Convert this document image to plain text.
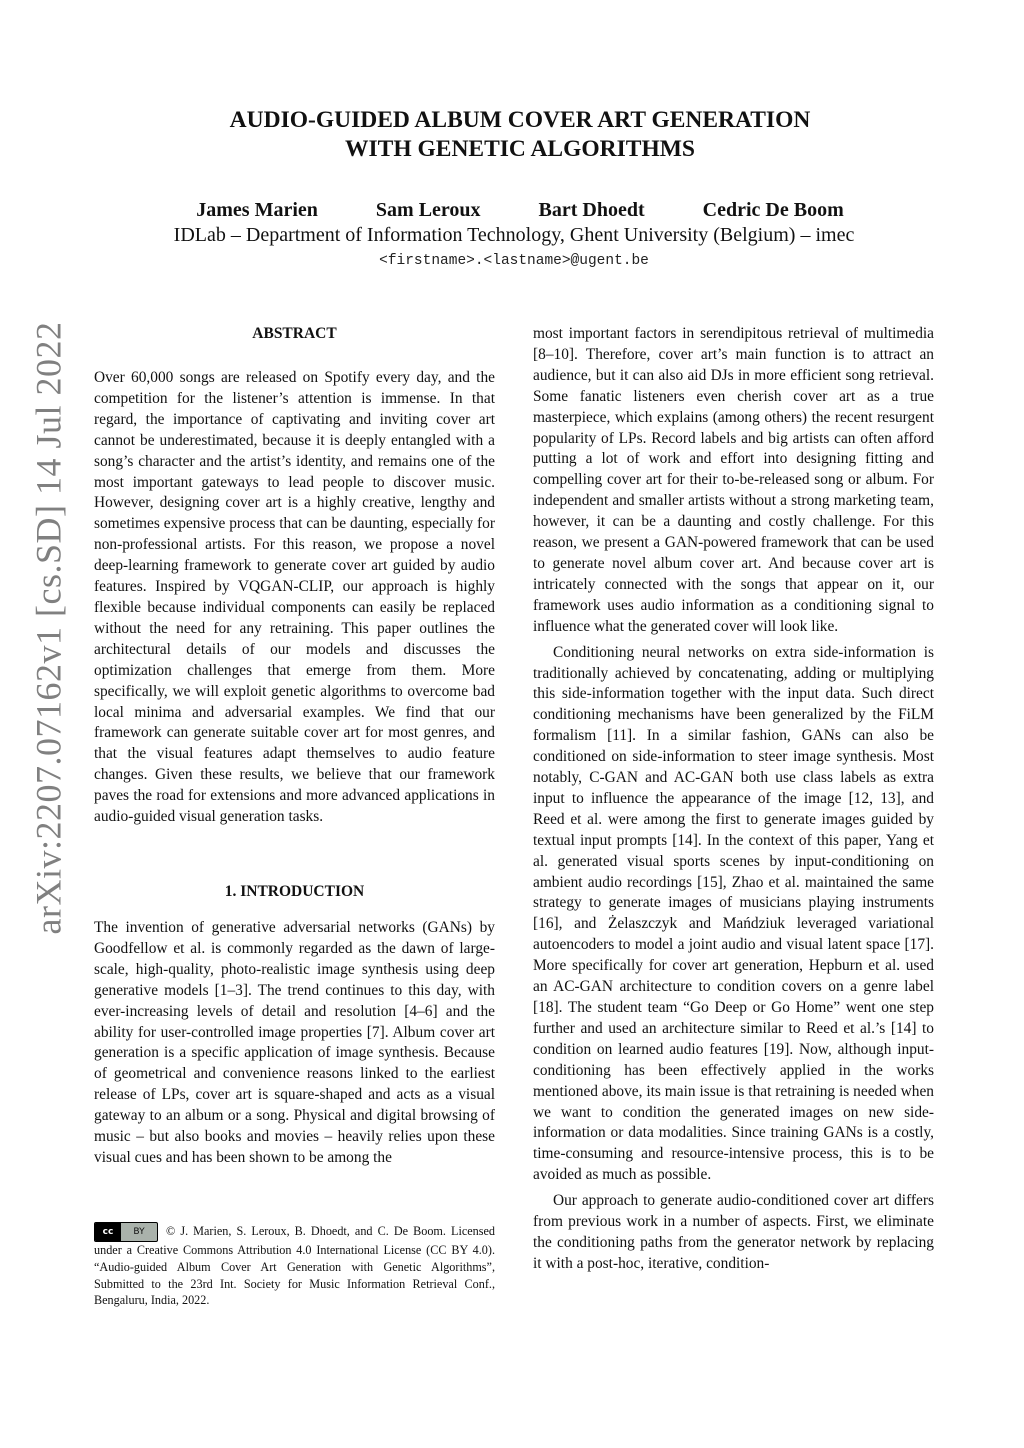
arXiv:2207.07162v1 [cs.SD] 14 Jul 2022
AUDIO-GUIDED ALBUM COVER ART GENERATION
WITH GENETIC ALGORITHMS
James Marien	Sam Leroux	Bart Dhoedt	Cedric De Boom
IDLab – Department of Information Technology, Ghent University (Belgium) – imec
<firstname>.<lastname>@ugent.be
ABSTRACT

Over 60,000 songs are released on Spotify every day, and the competition for the listener’s attention is immense. In that regard, the importance of captivating and inviting cover art cannot be underestimated, because it is deeply entangled with a song’s character and the artist’s identity, and remains one of the most important gateways to lead people to discover music. However, designing cover art is a highly creative, lengthy and sometimes expensive process that can be daunting, especially for non-professional artists. For this reason, we propose a novel deep-learning framework to generate cover art guided by audio features. Inspired by VQGAN-CLIP, our approach is highly flexible because individual components can easily be replaced without the need for any retraining. This paper outlines the architectural details of our models and discusses the optimization challenges that emerge from them. More specifically, we will exploit genetic algorithms to overcome bad local minima and adversarial examples. We find that our framework can generate suitable cover art for most genres, and that the visual features adapt themselves to audio feature changes. Given these results, we believe that our framework paves the road for extensions and more advanced applications in audio-guided visual generation tasks.

1. INTRODUCTION

The invention of generative adversarial networks (GANs) by Goodfellow et al. is commonly regarded as the dawn of large-scale, high-quality, photo-realistic image synthesis using deep generative models [1–3]. The trend continues to this day, with ever-increasing levels of detail and resolution [4–6] and the ability for user-controlled image properties [7]. Album cover art generation is a specific application of image synthesis. Because of geometrical and convenience reasons linked to the earliest release of LPs, cover art is square-shaped and acts as a visual gateway to an album or a song. Physical and digital browsing of music – but also books and movies – heavily relies upon these visual cues and has been shown to be among the

most important factors in serendipitous retrieval of multimedia [8–10]. Therefore, cover art’s main function is to attract an audience, but it can also aid DJs in more efficient song retrieval. Some fanatic listeners even cherish cover art as a true masterpiece, which explains (among others) the recent resurgent popularity of LPs. Record labels and big artists can often afford putting a lot of work and effort into designing fitting and compelling cover art for their to-be-released song or album. For independent and smaller artists without a strong marketing team, however, it can be a daunting and costly challenge. For this reason, we present a GAN-powered framework that can be used to generate novel album cover art. And because cover art is intricately connected with the songs that appear on it, our framework uses audio information as a conditioning signal to influence what the generated cover will look like.

Conditioning neural networks on extra side-information is traditionally achieved by concatenating, adding or multiplying this side-information together with the input data. Such direct conditioning mechanisms have been generalized by the FiLM formalism [11]. In a similar fashion, GANs can also be conditioned on side-information to steer image synthesis. Most notably, C-GAN and AC-GAN both use class labels as extra input to influence the appearance of the image [12, 13], and Reed et al. were among the first to generate images guided by textual input prompts [14]. In the context of this paper, Yang et al. generated visual sports scenes by input-conditioning on ambient audio recordings [15], Zhao et al. maintained the same strategy to generate images of musicians playing instruments [16], and Żelaszczyk and Mańdziuk leveraged variational autoencoders to model a joint audio and visual latent space [17]. More specifically for cover art generation, Hepburn et al. used an AC-GAN architecture to condition covers on a genre label [18]. The student team “Go Deep or Go Home” went one step further and used an architecture similar to Reed et al.’s [14] to condition on learned audio features [19]. Now, although input-conditioning has been effectively applied in the works mentioned above, its main issue is that retraining is needed when we want to condition the generated images on new side-information or data modalities. Since training GANs is a costly, time-consuming and resource-intensive process, this is to be avoided as much as possible.

Our approach to generate audio-conditioned cover art differs from previous work in a number of aspects. First, we eliminate the conditioning paths from the generator network by replacing it with a post-hoc, iterative, condition-

cc	BY	© J. Marien, S. Leroux, B. Dhoedt, and C. De Boom. Licensed under a Creative Commons Attribution 4.0 International License (CC BY 4.0). “Audio-guided Album Cover Art Generation with Genetic Algorithms”, Submitted to the 23rd Int. Society for Music Information Retrieval Conf., Bengaluru, India, 2022.
